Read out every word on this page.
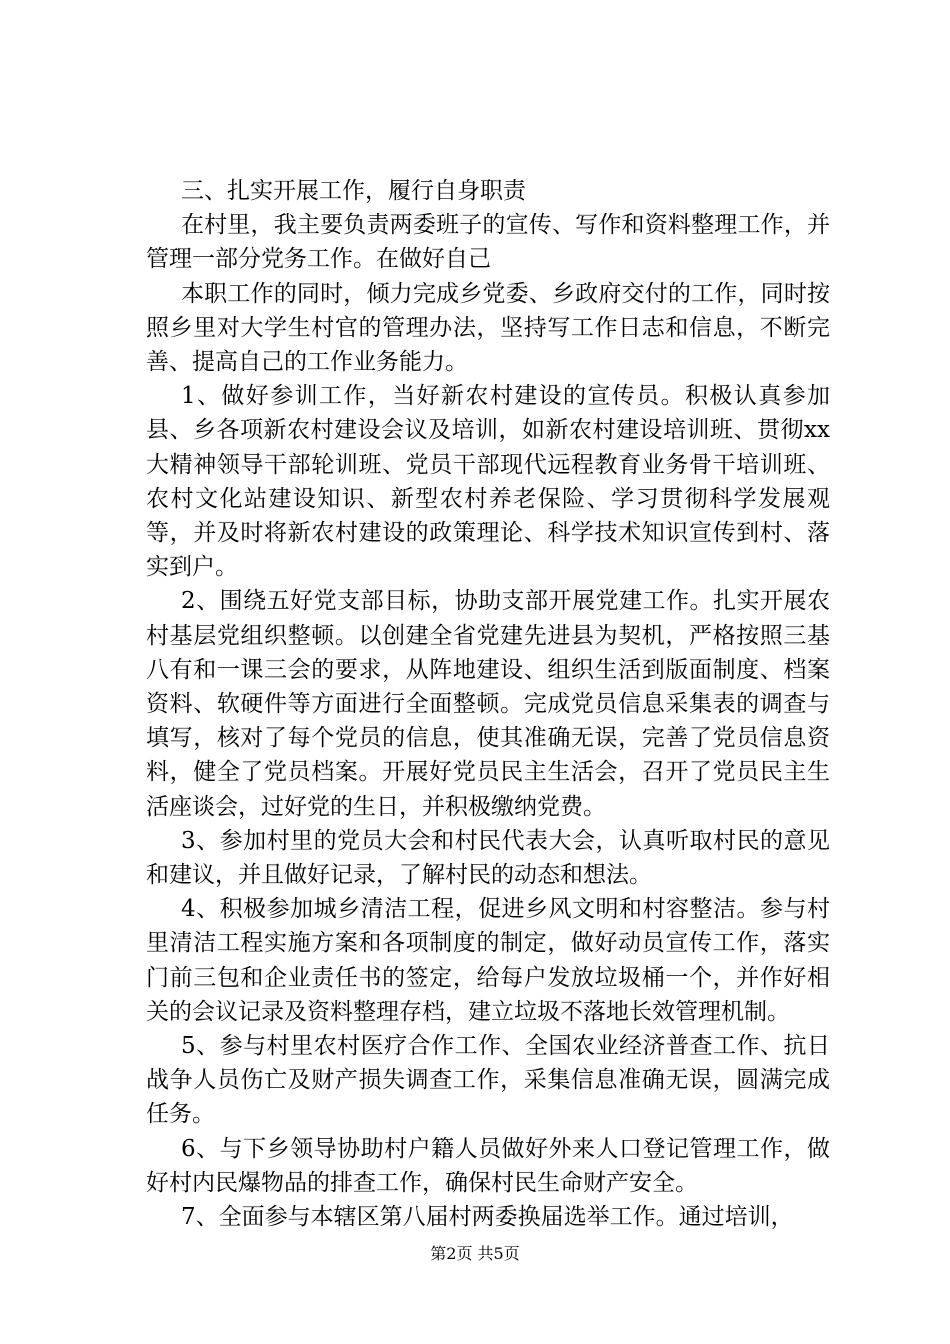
三、扎实开展工作，履行自身职责

在村里，我主要负责两委班子的宣传、写作和资料整理工作，并管理一部分党务工作。在做好自己

本职工作的同时，倾力完成乡党委、乡政府交付的工作，同时按照乡里对大学生村官的管理办法，坚持写工作日志和信息，不断完善、提高自己的工作业务能力。

1、做好参训工作，当好新农村建设的宣传员。积极认真参加县、乡各项新农村建设会议及培训，如新农村建设培训班、贯彻xx大精神领导干部轮训班、党员干部现代远程教育业务骨干培训班、农村文化站建设知识、新型农村养老保险、学习贯彻科学发展观等，并及时将新农村建设的政策理论、科学技术知识宣传到村、落实到户。

2、围绕五好党支部目标，协助支部开展党建工作。扎实开展农村基层党组织整顿。以创建全省党建先进县为契机，严格按照三基八有和一课三会的要求，从阵地建设、组织生活到版面制度、档案资料、软硬件等方面进行全面整顿。完成党员信息采集表的调查与填写，核对了每个党员的信息，使其准确无误，完善了党员信息资料，健全了党员档案。开展好党员民主生活会，召开了党员民主生活座谈会，过好党的生日，并积极缴纳党费。

3、参加村里的党员大会和村民代表大会，认真听取村民的意见和建议，并且做好记录，了解村民的动态和想法。

4、积极参加城乡清洁工程，促进乡风文明和村容整洁。参与村里清洁工程实施方案和各项制度的制定，做好动员宣传工作，落实门前三包和企业责任书的签定，给每户发放垃圾桶一个，并作好相关的会议记录及资料整理存档，建立垃圾不落地长效管理机制。

5、参与村里农村医疗合作工作、全国农业经济普查工作、抗日战争人员伤亡及财产损失调查工作，采集信息准确无误，圆满完成任务。

6、与下乡领导协助村户籍人员做好外来人口登记管理工作，做好村内民爆物品的排查工作，确保村民生命财产安全。

7、全面参与本辖区第八届村两委换届选举工作。通过培训，

第2页 共5页
